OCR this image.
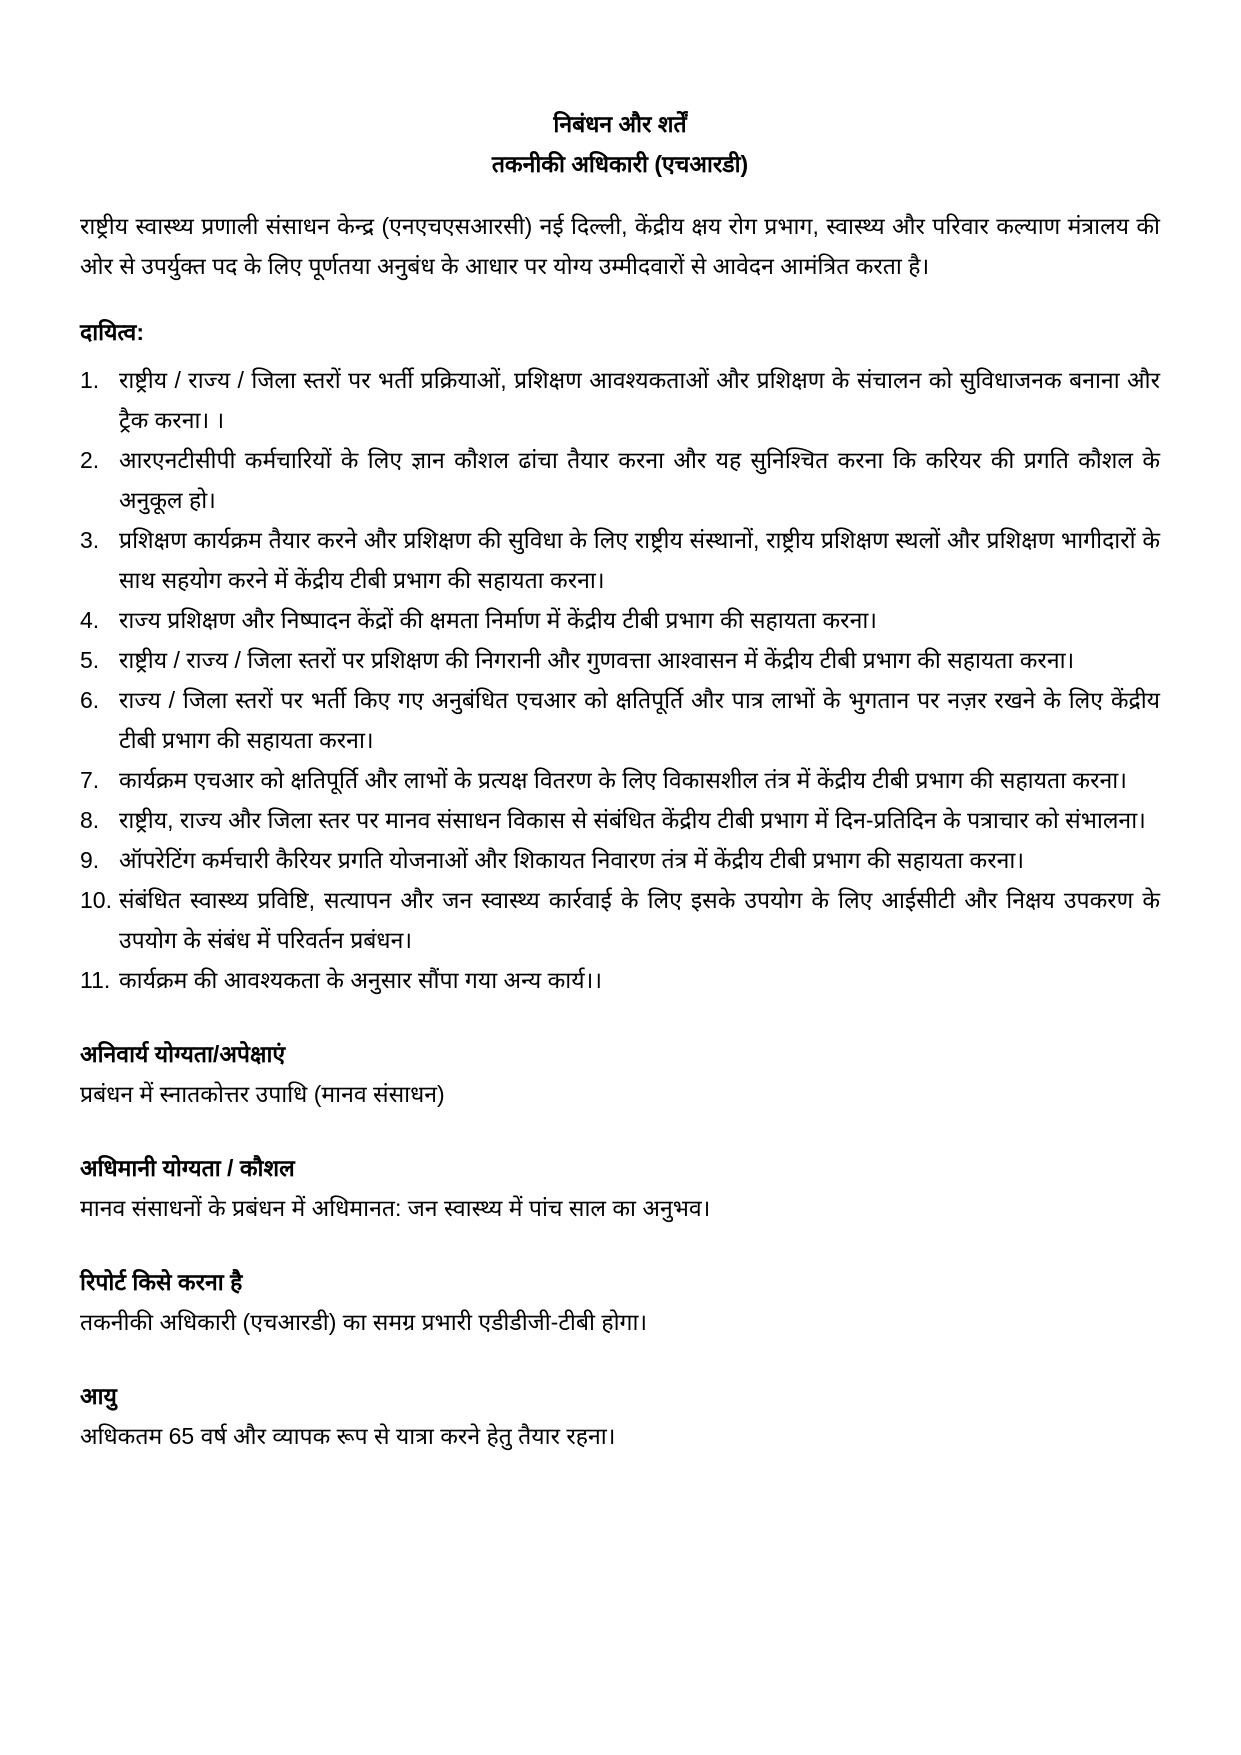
निबंधन और शर्तें
तकनीकी अधिकारी (एचआरडी)

राष्ट्रीय स्वास्थ्य प्रणाली संसाधन केन्द्र (एनएचएसआरसी) नई दिल्ली, केंद्रीय क्षय रोग प्रभाग, स्वास्थ्य और परिवार कल्याण मंत्रालय की ओर से उपर्युक्त पद के लिए पूर्णतया अनुबंध के आधार पर योग्य उम्मीदवारों से आवेदन आमंत्रित करता है।

दायित्व:
राष्ट्रीय / राज्य / जिला स्तरों पर भर्ती प्रक्रियाओं, प्रशिक्षण आवश्यकताओं और प्रशिक्षण के संचालन को सुविधाजनक बनाना और ट्रैक करना। ।
आरएनटीसीपी कर्मचारियों के लिए ज्ञान कौशल ढांचा तैयार करना और यह सुनिश्चित करना कि करियर की प्रगति कौशल के अनुकूल हो।
प्रशिक्षण कार्यक्रम तैयार करने और प्रशिक्षण की सुविधा के लिए राष्ट्रीय संस्थानों, राष्ट्रीय प्रशिक्षण स्थलों और प्रशिक्षण भागीदारों के साथ सहयोग करने में केंद्रीय टीबी प्रभाग की सहायता करना।
राज्य प्रशिक्षण और निष्पादन केंद्रों की क्षमता निर्माण में केंद्रीय टीबी प्रभाग की सहायता करना।
राष्ट्रीय / राज्य / जिला स्तरों पर प्रशिक्षण की निगरानी और गुणवत्ता आश्वासन में केंद्रीय टीबी प्रभाग की सहायता करना।
राज्य / जिला स्तरों पर भर्ती किए गए अनुबंधित एचआर को क्षतिपूर्ति और पात्र लाभों के भुगतान पर नज़र रखने के लिए केंद्रीय टीबी प्रभाग की सहायता करना।
कार्यक्रम एचआर को क्षतिपूर्ति और लाभों के प्रत्यक्ष वितरण के लिए विकासशील तंत्र में केंद्रीय टीबी प्रभाग की सहायता करना।
राष्ट्रीय, राज्य और जिला स्तर पर मानव संसाधन विकास से संबंधित केंद्रीय टीबी प्रभाग में दिन-प्रतिदिन के पत्राचार को संभालना।
ऑपरेटिंग कर्मचारी कैरियर प्रगति योजनाओं और शिकायत निवारण तंत्र में केंद्रीय टीबी प्रभाग की सहायता करना।
संबंधित स्वास्थ्य प्रविष्टि, सत्यापन और जन स्वास्थ्य कार्रवाई के लिए इसके उपयोग के लिए आईसीटी और निक्षय उपकरण के उपयोग के संबंध में परिवर्तन प्रबंधन।
कार्यक्रम की आवश्यकता के अनुसार सौंपा गया अन्य कार्य।।
अनिवार्य योग्यता/अपेक्षाएं

प्रबंधन में स्नातकोत्तर उपाधि (मानव संसाधन)

अधिमानी योग्यता / कौशल

मानव संसाधनों के प्रबंधन में अधिमानत: जन स्वास्थ्य में पांच साल का अनुभव।

रिपोर्ट किसे करना है

तकनीकी अधिकारी (एचआरडी) का समग्र प्रभारी एडीडीजी-टीबी होगा।

आयु

अधिकतम 65 वर्ष और व्यापक रूप से यात्रा करने हेतु तैयार रहना।
